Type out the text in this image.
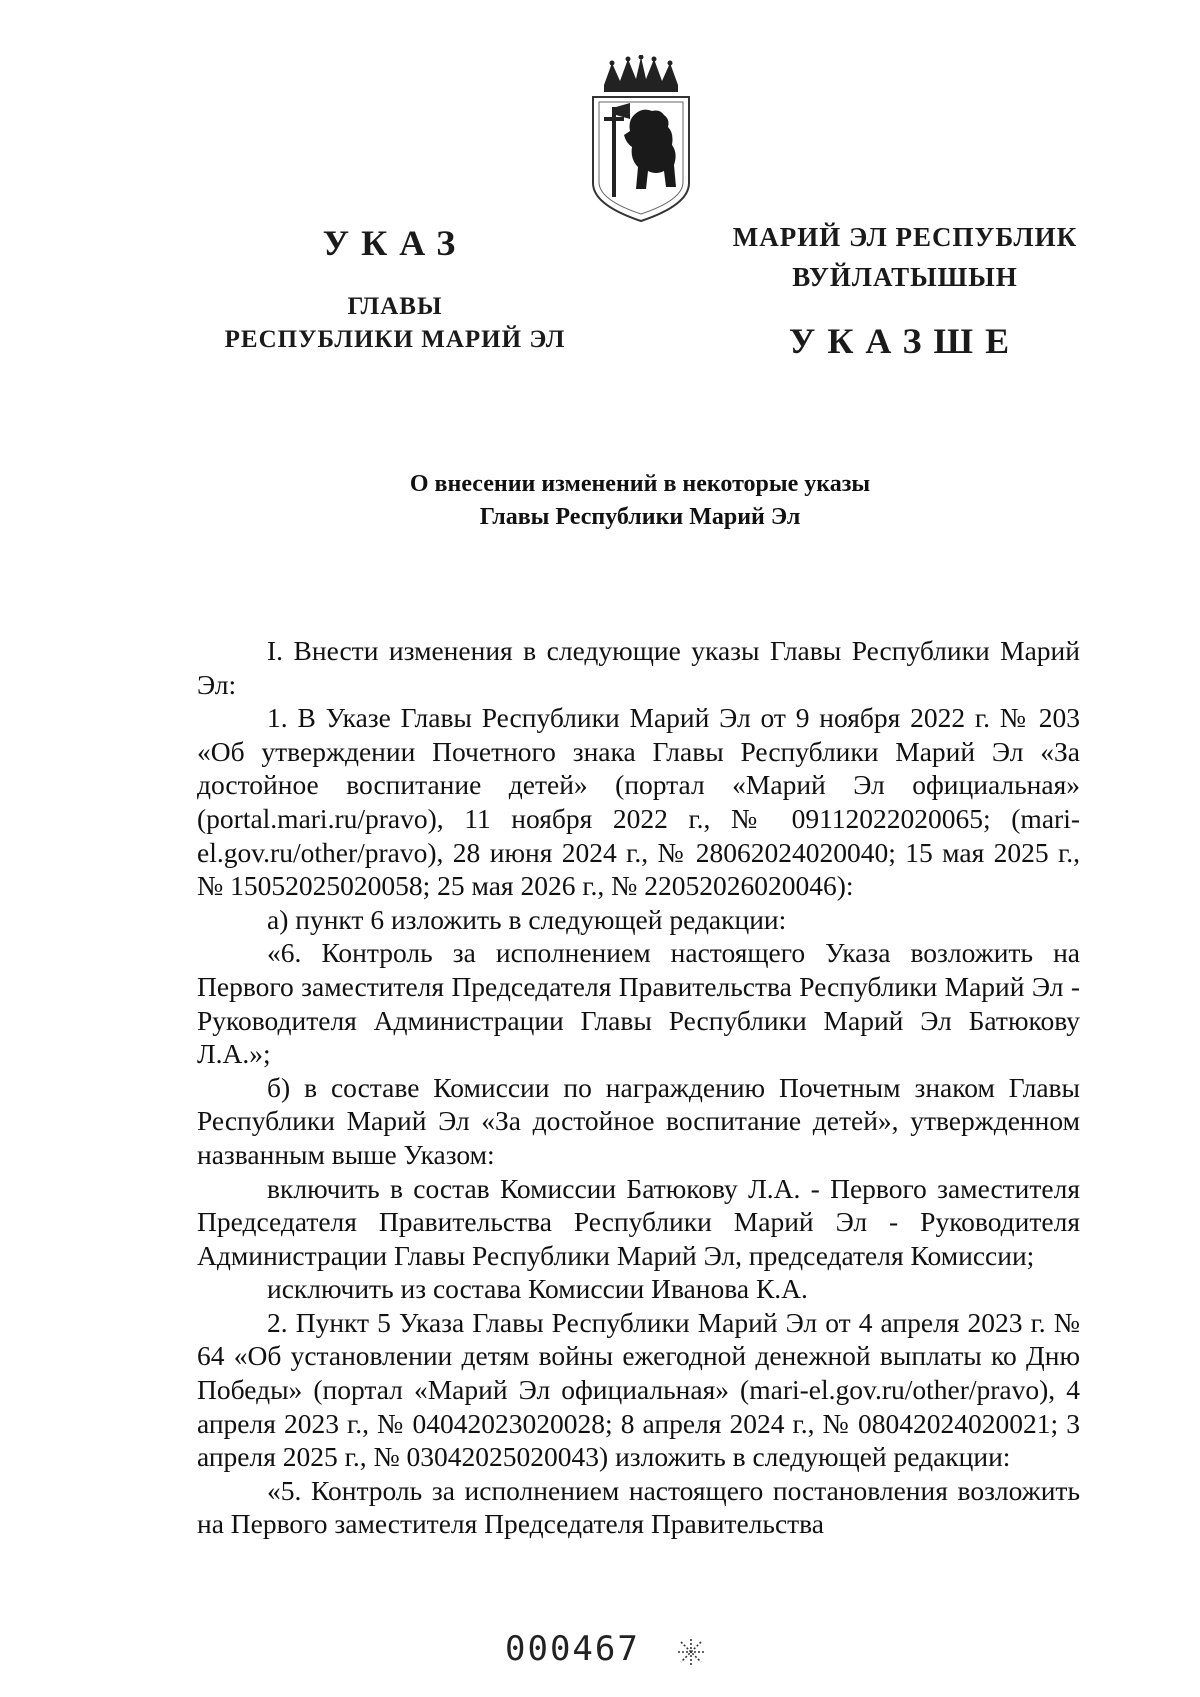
УКАЗ
ГЛАВЫ
РЕСПУБЛИКИ МАРИЙ ЭЛ
МАРИЙ ЭЛ РЕСПУБЛИК
ВУЙЛАТЫШЫН
УКАЗШЕ
О внесении изменений в некоторые указы
Главы Республики Марий Эл

I. Внести изменения в следующие указы Главы Республики Марий Эл:

1. В Указе Главы Республики Марий Эл от 9 ноября 2022 г. № 203 «Об утверждении Почетного знака Главы Республики Марий Эл «За достойное воспитание детей» (портал «Марий Эл официальная» (portal.mari.ru/pravo), 11 ноября 2022 г., № 09112022020065; (mari-el.gov.ru/other/pravo), 28 июня 2024 г., № 28062024020040; 15 мая 2025 г., № 15052025020058; 25 мая 2026 г., № 22052026020046):

а) пункт 6 изложить в следующей редакции:

«6. Контроль за исполнением настоящего Указа возложить на Первого заместителя Председателя Правительства Республики Марий Эл - Руководителя Администрации Главы Республики Марий Эл Батюкову Л.А.»;

б) в составе Комиссии по награждению Почетным знаком Главы Республики Марий Эл «За достойное воспитание детей», утвержденном названным выше Указом:

включить в состав Комиссии Батюкову Л.А. - Первого заместителя Председателя Правительства Республики Марий Эл - Руководителя Администрации Главы Республики Марий Эл, председателя Комиссии;

исключить из состава Комиссии Иванова К.А.

2. Пункт 5 Указа Главы Республики Марий Эл от 4 апреля 2023 г. № 64 «Об установлении детям войны ежегодной денежной выплаты ко Дню Победы» (портал «Марий Эл официальная» (mari-el.gov.ru/other/pravo), 4 апреля 2023 г., № 04042023020028; 8 апреля 2024 г., № 08042024020021; 3 апреля 2025 г., № 03042025020043) изложить в следующей редакции:

«5. Контроль за исполнением настоящего постановления возложить на Первого заместителя Председателя Правительства

000467
